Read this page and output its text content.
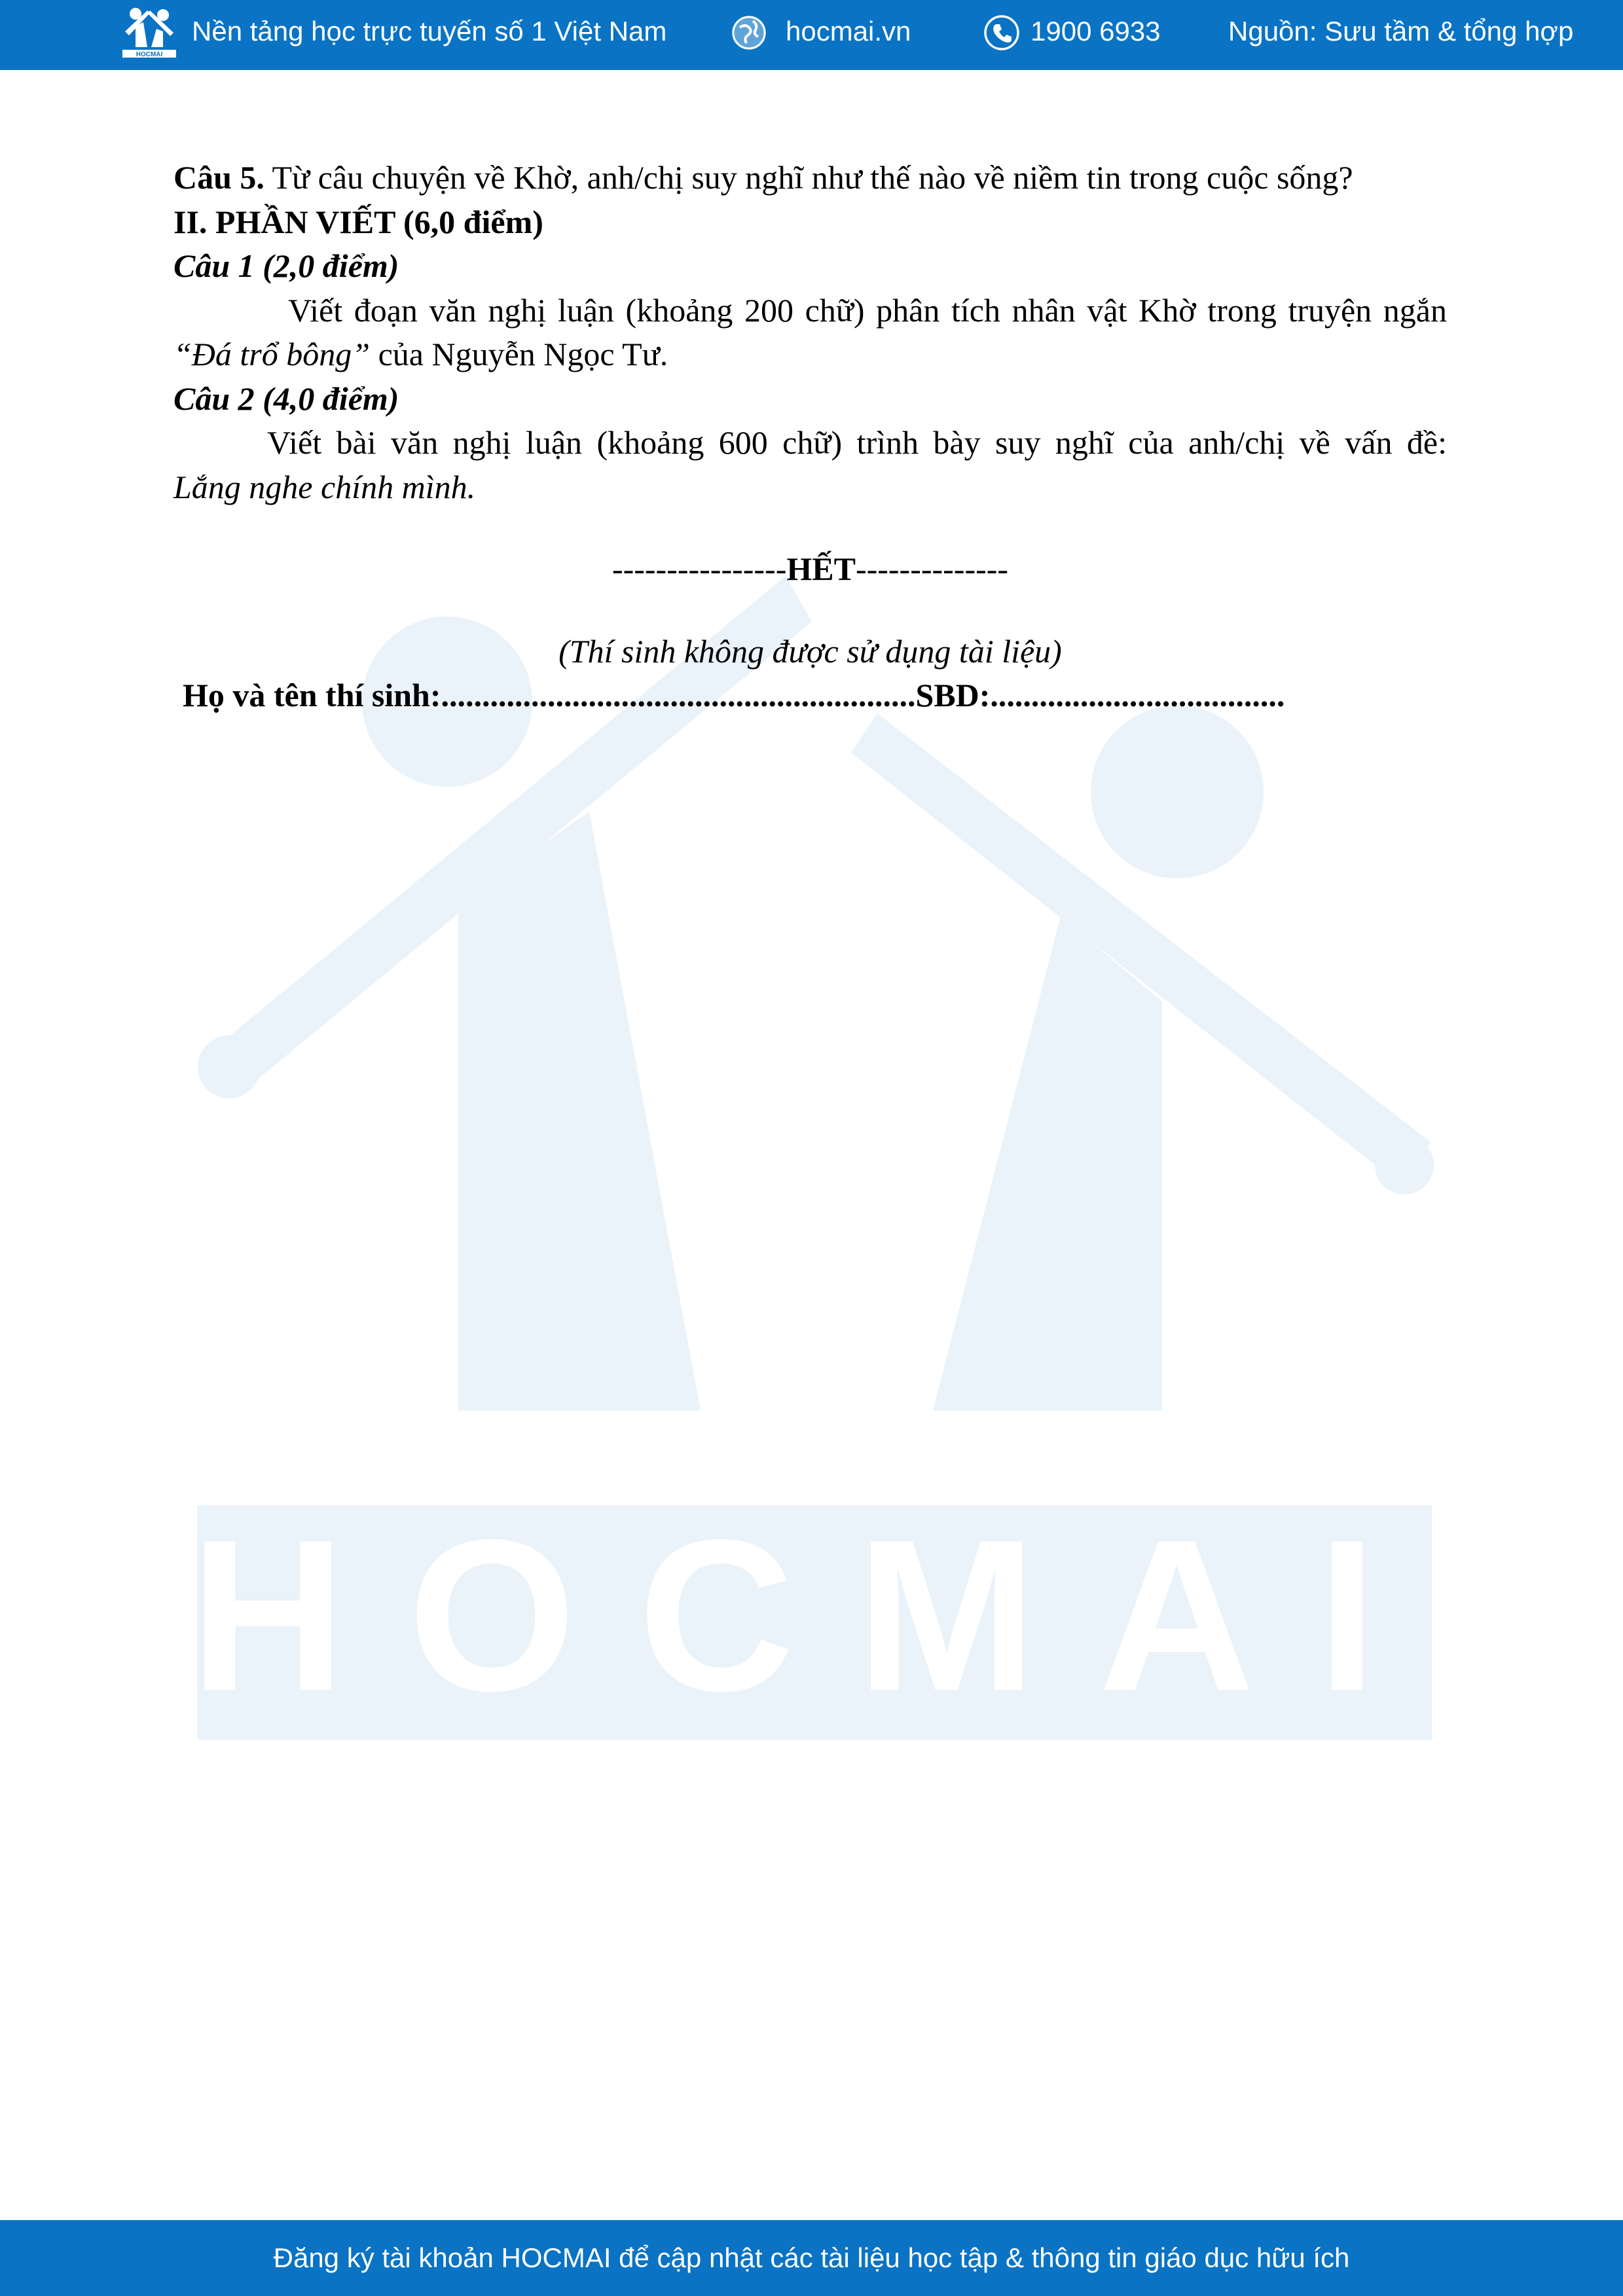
HOCMAI
HOCMAI
Nền tảng học trực tuyến số 1 Việt Nam	hocmai.vn	1900 6933 Nguồn: Sưu tầm & tổng hợp
Câu 5. Từ câu chuyện về Khờ, anh/chị suy nghĩ như thế nào về niềm tin trong cuộc sống?
II. PHẦN VIẾT (6,0 điểm)
Câu 1 (2,0 điểm)
Viết đoạn văn nghị luận (khoảng 200 chữ) phân tích nhân vật Khờ trong truyện ngắn
“Đá trổ bông” của Nguyễn Ngọc Tư.
Câu 2 (4,0 điểm)
Viết bài văn nghị luận (khoảng 600 chữ) trình bày suy nghĩ của anh/chị về vấn đề:
Lắng nghe chính mình.
----------------HẾT--------------
(Thí sinh không được sử dụng tài liệu)
Họ và tên thí sinh:..........................................................SBD:....................................
Đăng ký tài khoản HOCMAI để cập nhật các tài liệu học tập & thông tin giáo dục hữu ích
